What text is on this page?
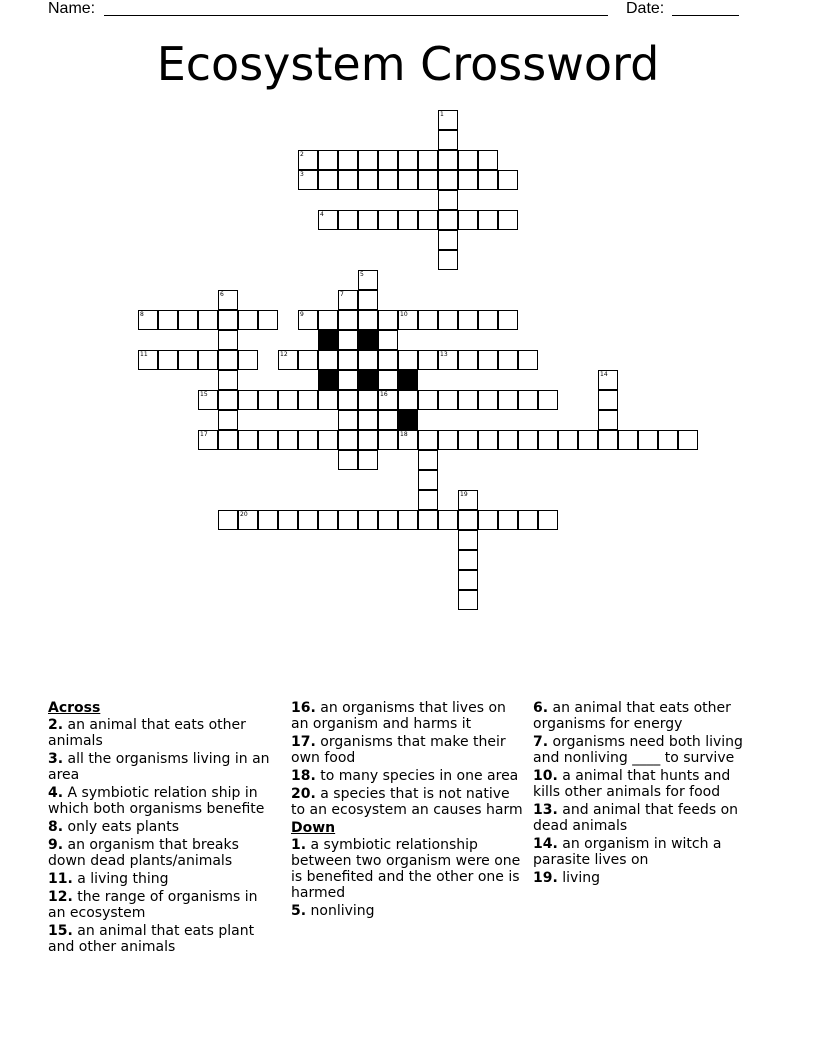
Name:	Date:
Ecosystem Crossword
1
2
3
4
5
6	7
8	9	10
16
11	12	13
14
15
17	18
19
20
Across
2. an animal that eats other animals
3. all the organisms living in an area
4. A symbiotic relation ship in which both organisms benefite
8. only eats plants
9. an organism that breaks down dead plants/animals
11. a living thing
12. the range of organisms in an ecosystem
15. an animal that eats plant and other animals
16. an organisms that lives on an organism and harms it
17. organisms that make their own food
18. to many species in one area
20. a species that is not native to an ecosystem an causes harm
Down
1. a symbiotic relationship between two organism were one is benefited and the other one is harmed
5. nonliving
6. an animal that eats other organisms for energy
7. organisms need both living and nonliving ____ to survive
10. a animal that hunts and kills other animals for food
13. and animal that feeds on dead animals
14. an organism in witch a parasite lives on
19. living
